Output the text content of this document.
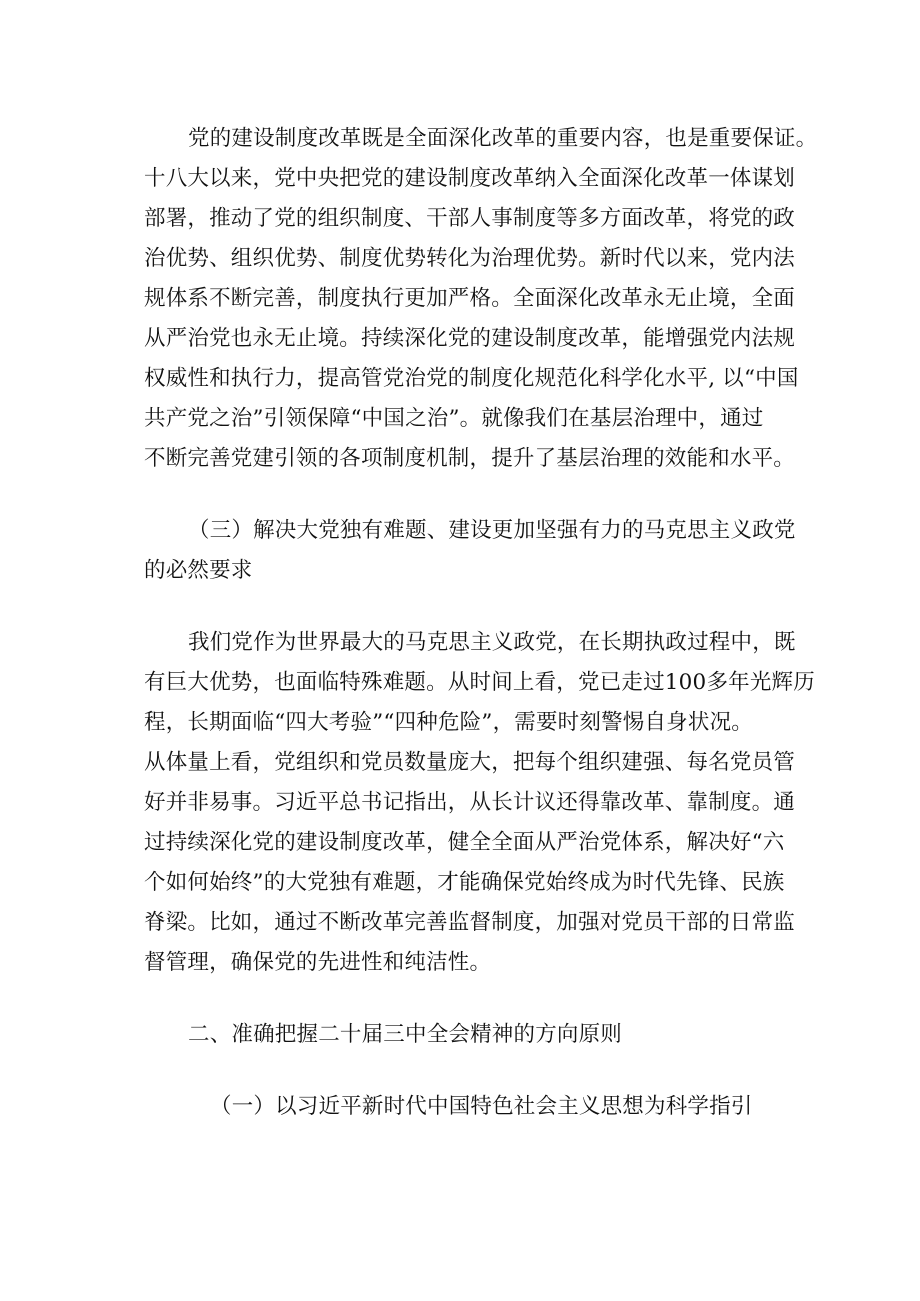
党的建设制度改革既是全面深化改革的重要内容，也是重要保证。
十八大以来，党中央把党的建设制度改革纳入全面深化改革一体谋划
部署，推动了党的组织制度、干部人事制度等多方面改革，将党的政
治优势、组织优势、制度优势转化为治理优势。新时代以来，党内法
规体系不断完善，制度执行更加严格。全面深化改革永无止境，全面
从严治党也永无止境。持续深化党的建设制度改革，能增强党内法规
权威性和执行力，提高管党治党的制度化规范化科学化水平, 以“中国
共产党之治”引领保障“中国之治”。就像我们在基层治理中，通过
不断完善党建引领的各项制度机制，提升了基层治理的效能和水平。
（三）解决大党独有难题、建设更加坚强有力的马克思主义政党
的必然要求
我们党作为世界最大的马克思主义政党，在长期执政过程中，既
有巨大优势，也面临特殊难题。从时间上看，党已走过100多年光辉历
程，长期面临“四大考验”“四种危险”，需要时刻警惕自身状况。
从体量上看，党组织和党员数量庞大，把每个组织建强、每名党员管
好并非易事。习近平总书记指出，从长计议还得靠改革、靠制度。通
过持续深化党的建设制度改革，健全全面从严治党体系，解决好“六
个如何始终”的大党独有难题，才能确保党始终成为时代先锋、民族
脊梁。比如，通过不断改革完善监督制度，加强对党员干部的日常监
督管理，确保党的先进性和纯洁性。
二、准确把握二十届三中全会精神的方向原则
（一）以习近平新时代中国特色社会主义思想为科学指引
